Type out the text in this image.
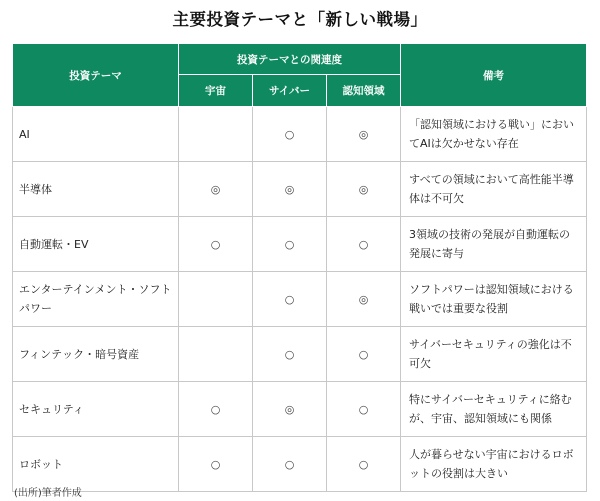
主要投資テーマと「新しい戦場」
投資テーマ	投資テーマとの関連度			備考
	宇宙	サイバー	認知領域	
AI		○	◎	「認知領域における戦い」においてAIは欠かせない存在
半導体	◎	◎	◎	すべての領域において高性能半導体は不可欠
自動運転・EV	○	○	○	3領域の技術の発展が自動運転の発展に寄与
エンターテインメント・ソフトパワー		○	◎	ソフトパワーは認知領域における戦いでは重要な役割
フィンテック・暗号資産		○	○	サイバーセキュリティの強化は不可欠
セキュリティ	○	◎	○	特にサイバーセキュリティに絡むが、宇宙、認知領域にも関係
ロボット	○	○	○	人が暮らせない宇宙におけるロボットの役割は大きい
(出所)筆者作成
